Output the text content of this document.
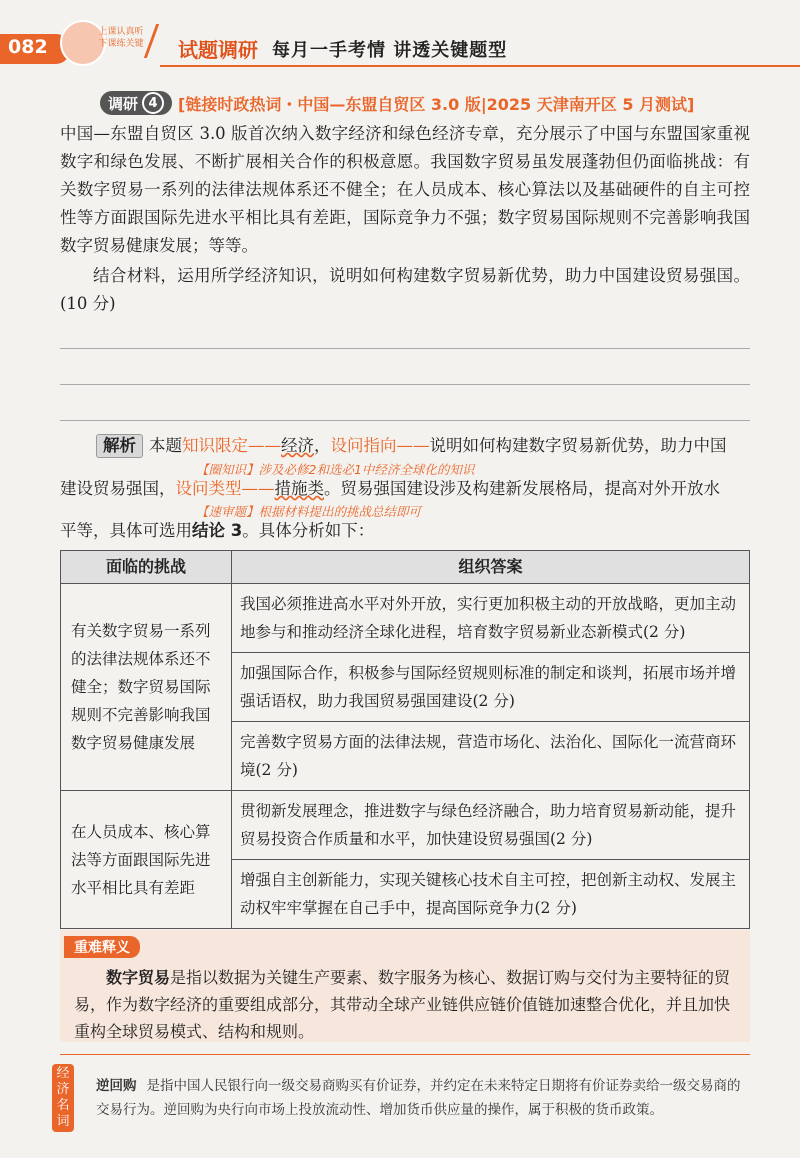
082
上课认真听 下课练关键 试题调研 每月一手考情 讲透关键题型
调研 4	[链接时政热词・中国—东盟自贸区 3.0 版|2025 天津南开区 5 月测试]
中国—东盟自贸区 3.0 版首次纳入数字经济和绿色经济专章，充分展示了中国与东盟国家重视数字和绿色发展、不断扩展相关合作的积极意愿。我国数字贸易虽发展蓬勃但仍面临挑战：有关数字贸易一系列的法律法规体系还不健全；在人员成本、核心算法以及基础硬件的自主可控性等方面跟国际先进水平相比具有差距，国际竞争力不强；数字贸易国际规则不完善影响我国数字贸易健康发展；等等。
结合材料，运用所学经济知识，说明如何构建数字贸易新优势，助力中国建设贸易强国。(10 分)
解析 本题知识限定——经济，设问指向——说明如何构建数字贸易新优势，助力中国
【圈知识】涉及必修2和选必1中经济全球化的知识
建设贸易强国，设问类型——措施类。贸易强国建设涉及构建新发展格局，提高对外开放水
【速审题】根据材料提出的挑战总结即可
平等，具体可选用结论 3。具体分析如下：
面临的挑战	组织答案
有关数字贸易一系列的法律法规体系还不健全；数字贸易国际规则不完善影响我国数字贸易健康发展	我国必须推进高水平对外开放，实行更加积极主动的开放战略，更加主动地参与和推动经济全球化进程，培育数字贸易新业态新模式(2 分)
	加强国际合作，积极参与国际经贸规则标准的制定和谈判，拓展市场并增强话语权，助力我国贸易强国建设(2 分)
	完善数字贸易方面的法律法规，营造市场化、法治化、国际化一流营商环境(2 分)
在人员成本、核心算法等方面跟国际先进水平相比具有差距	贯彻新发展理念，推进数字与绿色经济融合，助力培育贸易新动能，提升贸易投资合作质量和水平，加快建设贸易强国(2 分)
	增强自主创新能力，实现关键核心技术自主可控，把创新主动权、发展主动权牢牢掌握在自己手中，提高国际竞争力(2 分)
重难释义
数字贸易是指以数据为关键生产要素、数字服务为核心、数据订购与交付为主要特征的贸易，作为数字经济的重要组成部分，其带动全球产业链供应链价值链加速整合优化，并且加快重构全球贸易模式、结构和规则。
经济名词
逆回购 是指中国人民银行向一级交易商购买有价证券，并约定在未来特定日期将有价证券卖给一级交易商的交易行为。逆回购为央行向市场上投放流动性、增加货币供应量的操作，属于积极的货币政策。
